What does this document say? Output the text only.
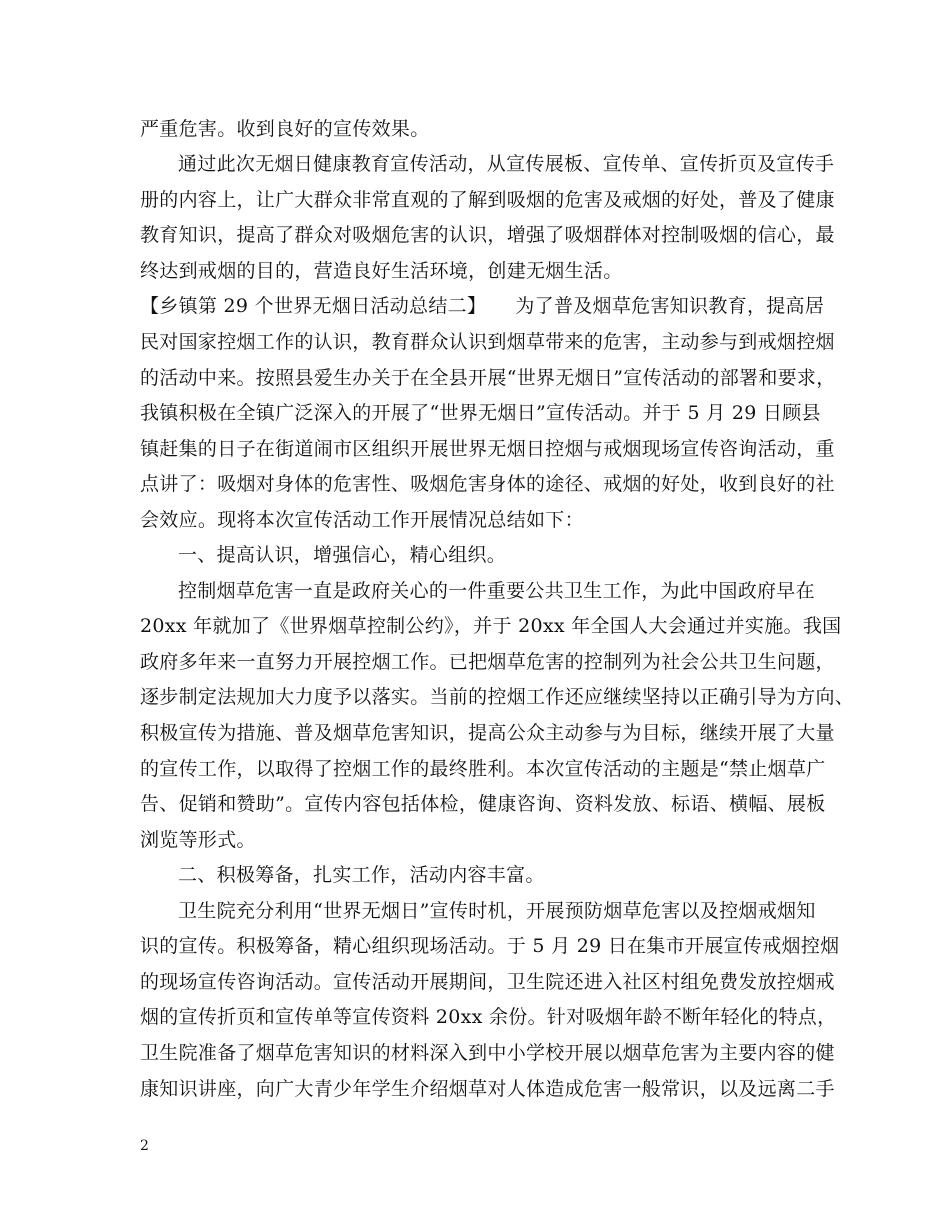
严重危害。收到良好的宣传效果。
通过此次无烟日健康教育宣传活动，从宣传展板、宣传单、宣传折页及宣传手
册的内容上，让广大群众非常直观的了解到吸烟的危害及戒烟的好处，普及了健康
教育知识，提高了群众对吸烟危害的认识，增强了吸烟群体对控制吸烟的信心，最
终达到戒烟的目的，营造良好生活环境，创建无烟生活。
【乡镇第 29 个世界无烟日活动总结二】　　为了普及烟草危害知识教育，提高居
民对国家控烟工作的认识，教育群众认识到烟草带来的危害，主动参与到戒烟控烟
的活动中来。按照县爱生办关于在全县开展“世界无烟日”宣传活动的部署和要求，
我镇积极在全镇广泛深入的开展了“世界无烟日”宣传活动。并于 5 月 29 日顾县
镇赶集的日子在街道闹市区组织开展世界无烟日控烟与戒烟现场宣传咨询活动，重
点讲了：吸烟对身体的危害性、吸烟危害身体的途径、戒烟的好处，收到良好的社
会效应。现将本次宣传活动工作开展情况总结如下：
一、提高认识，增强信心，精心组织。
控制烟草危害一直是政府关心的一件重要公共卫生工作，为此中国政府早在
20xx 年就加了《世界烟草控制公约》，并于 20xx 年全国人大会通过并实施。我国
政府多年来一直努力开展控烟工作。已把烟草危害的控制列为社会公共卫生问题，
逐步制定法规加大力度予以落实。当前的控烟工作还应继续坚持以正确引导为方向、
积极宣传为措施、普及烟草危害知识，提高公众主动参与为目标，继续开展了大量
的宣传工作，以取得了控烟工作的最终胜利。本次宣传活动的主题是“禁止烟草广
告、促销和赞助”。宣传内容包括体检，健康咨询、资料发放、标语、横幅、展板
浏览等形式。
二、积极筹备，扎实工作，活动内容丰富。
卫生院充分利用“世界无烟日”宣传时机，开展预防烟草危害以及控烟戒烟知
识的宣传。积极筹备，精心组织现场活动。于 5 月 29 日在集市开展宣传戒烟控烟
的现场宣传咨询活动。宣传活动开展期间，卫生院还进入社区村组免费发放控烟戒
烟的宣传折页和宣传单等宣传资料 20xx 余份。针对吸烟年龄不断年轻化的特点，
卫生院准备了烟草危害知识的材料深入到中小学校开展以烟草危害为主要内容的健
康知识讲座，向广大青少年学生介绍烟草对人体造成危害一般常识，以及远离二手
2
